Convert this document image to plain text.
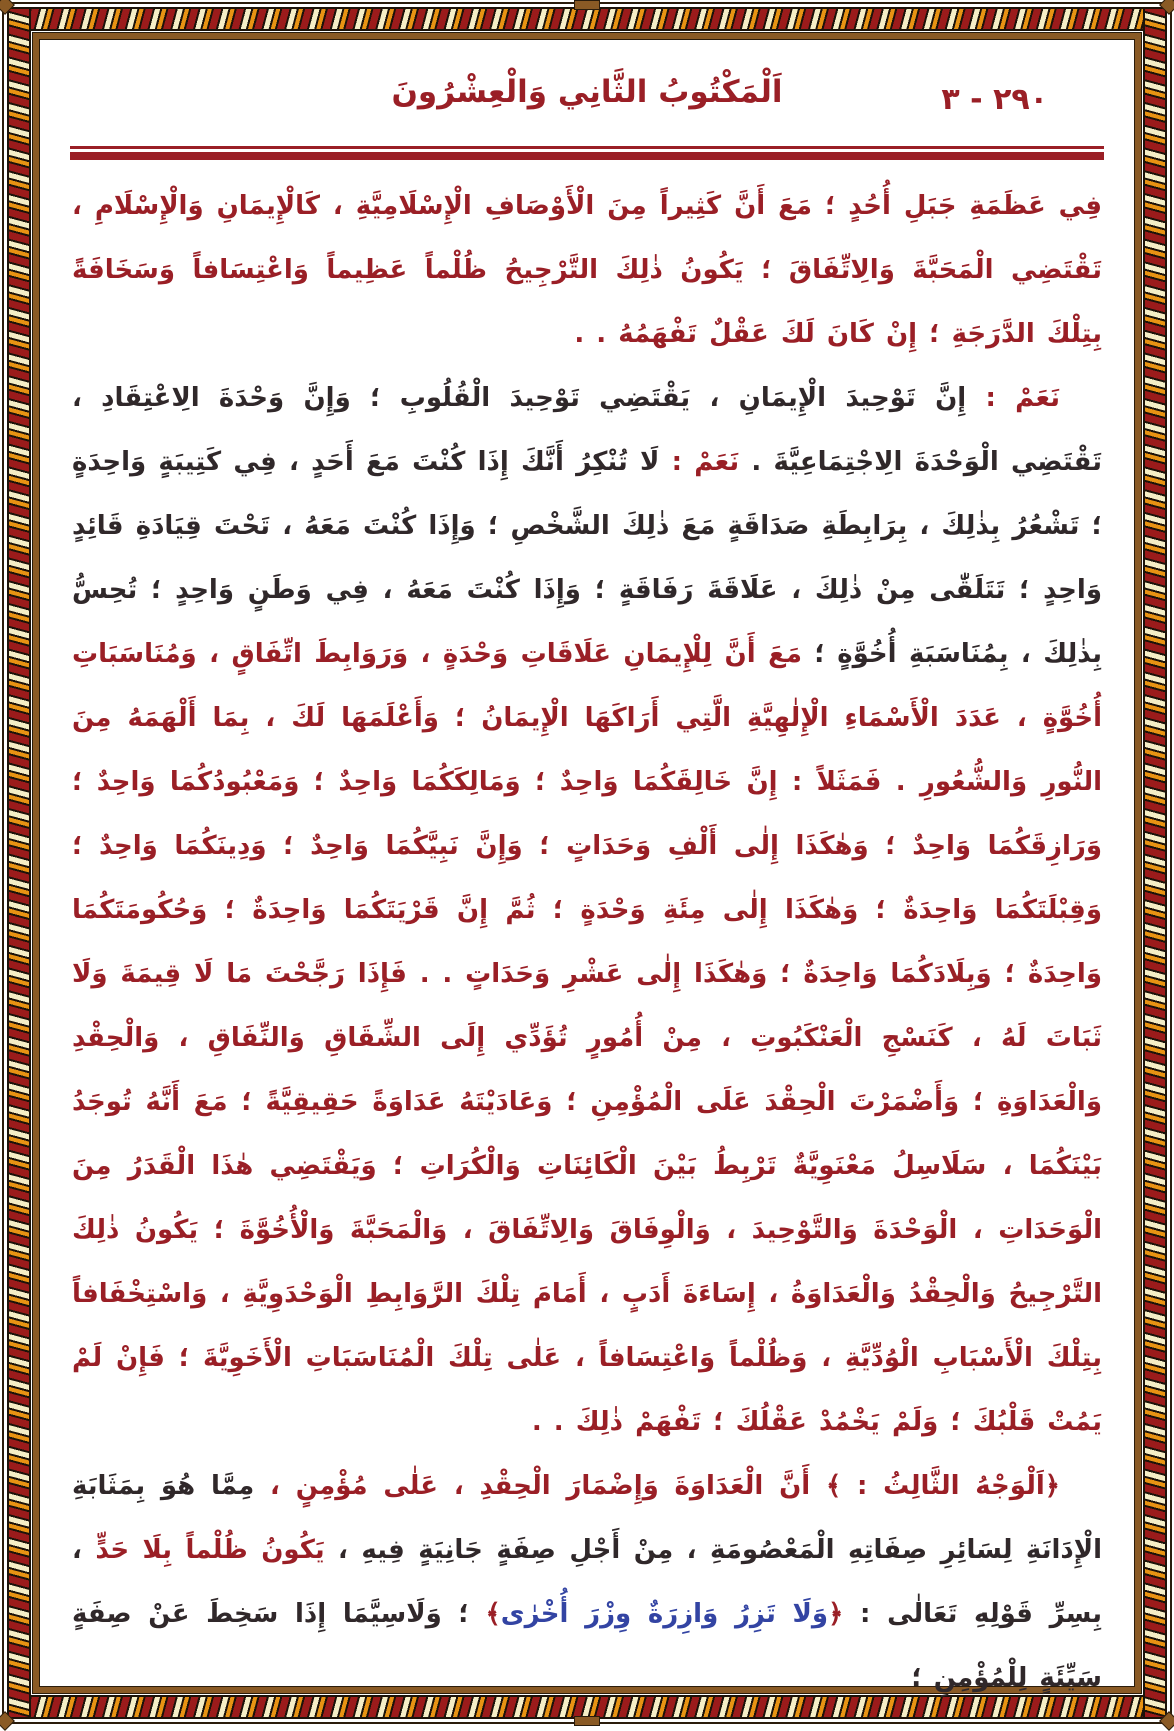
٢٩٠ - ٣
اَلْمَكْتُوبُ الثَّانِي وَالْعِشْرُونَ

فِي عَظَمَةِ جَبَلِ أُحُدٍ ؛ مَعَ أَنَّ كَثِيراً مِنَ الْأَوْصَافِ الْإِسْلَامِيَّةِ ، كَالْإِيمَانِ وَالْإِسْلَامِ ، تَقْتَضِي الْمَحَبَّةَ وَالِاتِّفَاقَ ؛ يَكُونُ ذٰلِكَ التَّرْجِيحُ ظُلْماً عَظِيماً وَاعْتِسَافاً وَسَخَافَةً بِتِلْكَ الدَّرَجَةِ ؛ إِنْ كَانَ لَكَ عَقْلٌ تَفْهَمُهُ . .

نَعَمْ : إِنَّ تَوْحِيدَ الْإِيمَانِ ، يَقْتَضِي تَوْحِيدَ الْقُلُوبِ ؛ وَإِنَّ وَحْدَةَ الِاعْتِقَادِ ، تَقْتَضِي الْوَحْدَةَ الِاجْتِمَاعِيَّةَ . نَعَمْ : لَا تُنْكِرُ أَنَّكَ إِذَا كُنْتَ مَعَ أَحَدٍ ، فِي كَتِيبَةٍ وَاحِدَةٍ ؛ تَشْعُرُ بِذٰلِكَ ، بِرَابِطَةِ صَدَاقَةٍ مَعَ ذٰلِكَ الشَّخْصِ ؛ وَإِذَا كُنْتَ مَعَهُ ، تَحْتَ قِيَادَةِ قَائِدٍ وَاحِدٍ ؛ تَتَلَقّٰى مِنْ ذٰلِكَ ، عَلَاقَةَ رَفَاقَةٍ ؛ وَإِذَا كُنْتَ مَعَهُ ، فِي وَطَنٍ وَاحِدٍ ؛ تُحِسُّ بِذٰلِكَ ، بِمُنَاسَبَةِ أُخُوَّةٍ ؛ مَعَ أَنَّ لِلْإِيمَانِ عَلَاقَاتِ وَحْدَةٍ ، وَرَوَابِطَ اتِّفَاقٍ ، وَمُنَاسَبَاتِ أُخُوَّةٍ ، عَدَدَ الْأَسْمَاءِ الْإِلٰهِيَّةِ الَّتِي أَرَاكَهَا الْإِيمَانُ ؛ وَأَعْلَمَهَا لَكَ ، بِمَا أَلْهَمَهُ مِنَ النُّورِ وَالشُّعُورِ . فَمَثَلاً : إِنَّ خَالِقَكُمَا وَاحِدٌ ؛ وَمَالِكَكُمَا وَاحِدٌ ؛ وَمَعْبُودُكُمَا وَاحِدٌ ؛ وَرَازِقَكُمَا وَاحِدٌ ؛ وَهٰكَذَا إِلٰى أَلْفِ وَحَدَاتٍ ؛ وَإِنَّ نَبِيَّكُمَا وَاحِدٌ ؛ وَدِينَكُمَا وَاحِدٌ ؛ وَقِبْلَتَكُمَا وَاحِدَةٌ ؛ وَهٰكَذَا إِلٰى مِئَةِ وَحْدَةٍ ؛ ثُمَّ إِنَّ قَرْيَتَكُمَا وَاحِدَةٌ ؛ وَحُكُومَتَكُمَا وَاحِدَةٌ ؛ وَبِلَادَكُمَا وَاحِدَةٌ ؛ وَهٰكَذَا إِلٰى عَشْرِ وَحَدَاتٍ . . فَإِذَا رَجَّحْتَ مَا لَا قِيمَةَ وَلَا ثَبَاتَ لَهُ ، كَنَسْجِ الْعَنْكَبُوتِ ، مِنْ أُمُورٍ تُؤَدِّي إِلَى الشِّقَاقِ وَالنِّفَاقِ ، وَالْحِقْدِ وَالْعَدَاوَةِ ؛ وَأَضْمَرْتَ الْحِقْدَ عَلَى الْمُؤْمِنِ ؛ وَعَادَيْتَهُ عَدَاوَةً حَقِيقِيَّةً ؛ مَعَ أَنَّهُ تُوجَدُ بَيْنَكُمَا ، سَلَاسِلُ مَعْنَوِيَّةٌ تَرْبِطُ بَيْنَ الْكَائِنَاتِ وَالْكُرَاتِ ؛ وَيَقْتَضِي هٰذَا الْقَدَرُ مِنَ الْوَحَدَاتِ ، الْوَحْدَةَ وَالتَّوْحِيدَ ، وَالْوِفَاقَ وَالِاتِّفَاقَ ، وَالْمَحَبَّةَ وَالْأُخُوَّةَ ؛ يَكُونُ ذٰلِكَ التَّرْجِيحُ وَالْحِقْدُ وَالْعَدَاوَةُ ، إِسَاءَةَ أَدَبٍ ، أَمَامَ تِلْكَ الرَّوَابِطِ الْوَحْدَوِيَّةِ ، وَاسْتِخْفَافاً بِتِلْكَ الْأَسْبَابِ الْوُدِّيَّةِ ، وَظُلْماً وَاعْتِسَافاً ، عَلٰى تِلْكَ الْمُنَاسَبَاتِ الْأَخَوِيَّةَ ؛ فَإِنْ لَمْ يَمُتْ قَلْبُكَ ؛ وَلَمْ يَخْمُدْ عَقْلُكَ ؛ تَفْهَمْ ذٰلِكَ . .

﴿اَلْوَجْهُ الثَّالِثُ : ﴾ أَنَّ الْعَدَاوَةَ وَإِضْمَارَ الْحِقْدِ ، عَلٰى مُؤْمِنٍ ، مِمَّا هُوَ بِمَثَابَةِ الْإِدَانَةِ لِسَائِرِ صِفَاتِهِ الْمَعْصُومَةِ ، مِنْ أَجْلِ صِفَةٍ جَانِيَةٍ فِيهِ ، يَكُونُ ظُلْماً بِلَا حَدٍّ ، بِسِرِّ قَوْلِهِ تَعَالٰى : ﴿وَلَا تَزِرُ وَازِرَةٌ وِزْرَ أُخْرٰى﴾ ؛ وَلَاسِيَّمَا إِذَا سَخِطَ عَنْ صِفَةٍ سَيِّئَةٍ لِلْمُؤْمِنِ ؛
